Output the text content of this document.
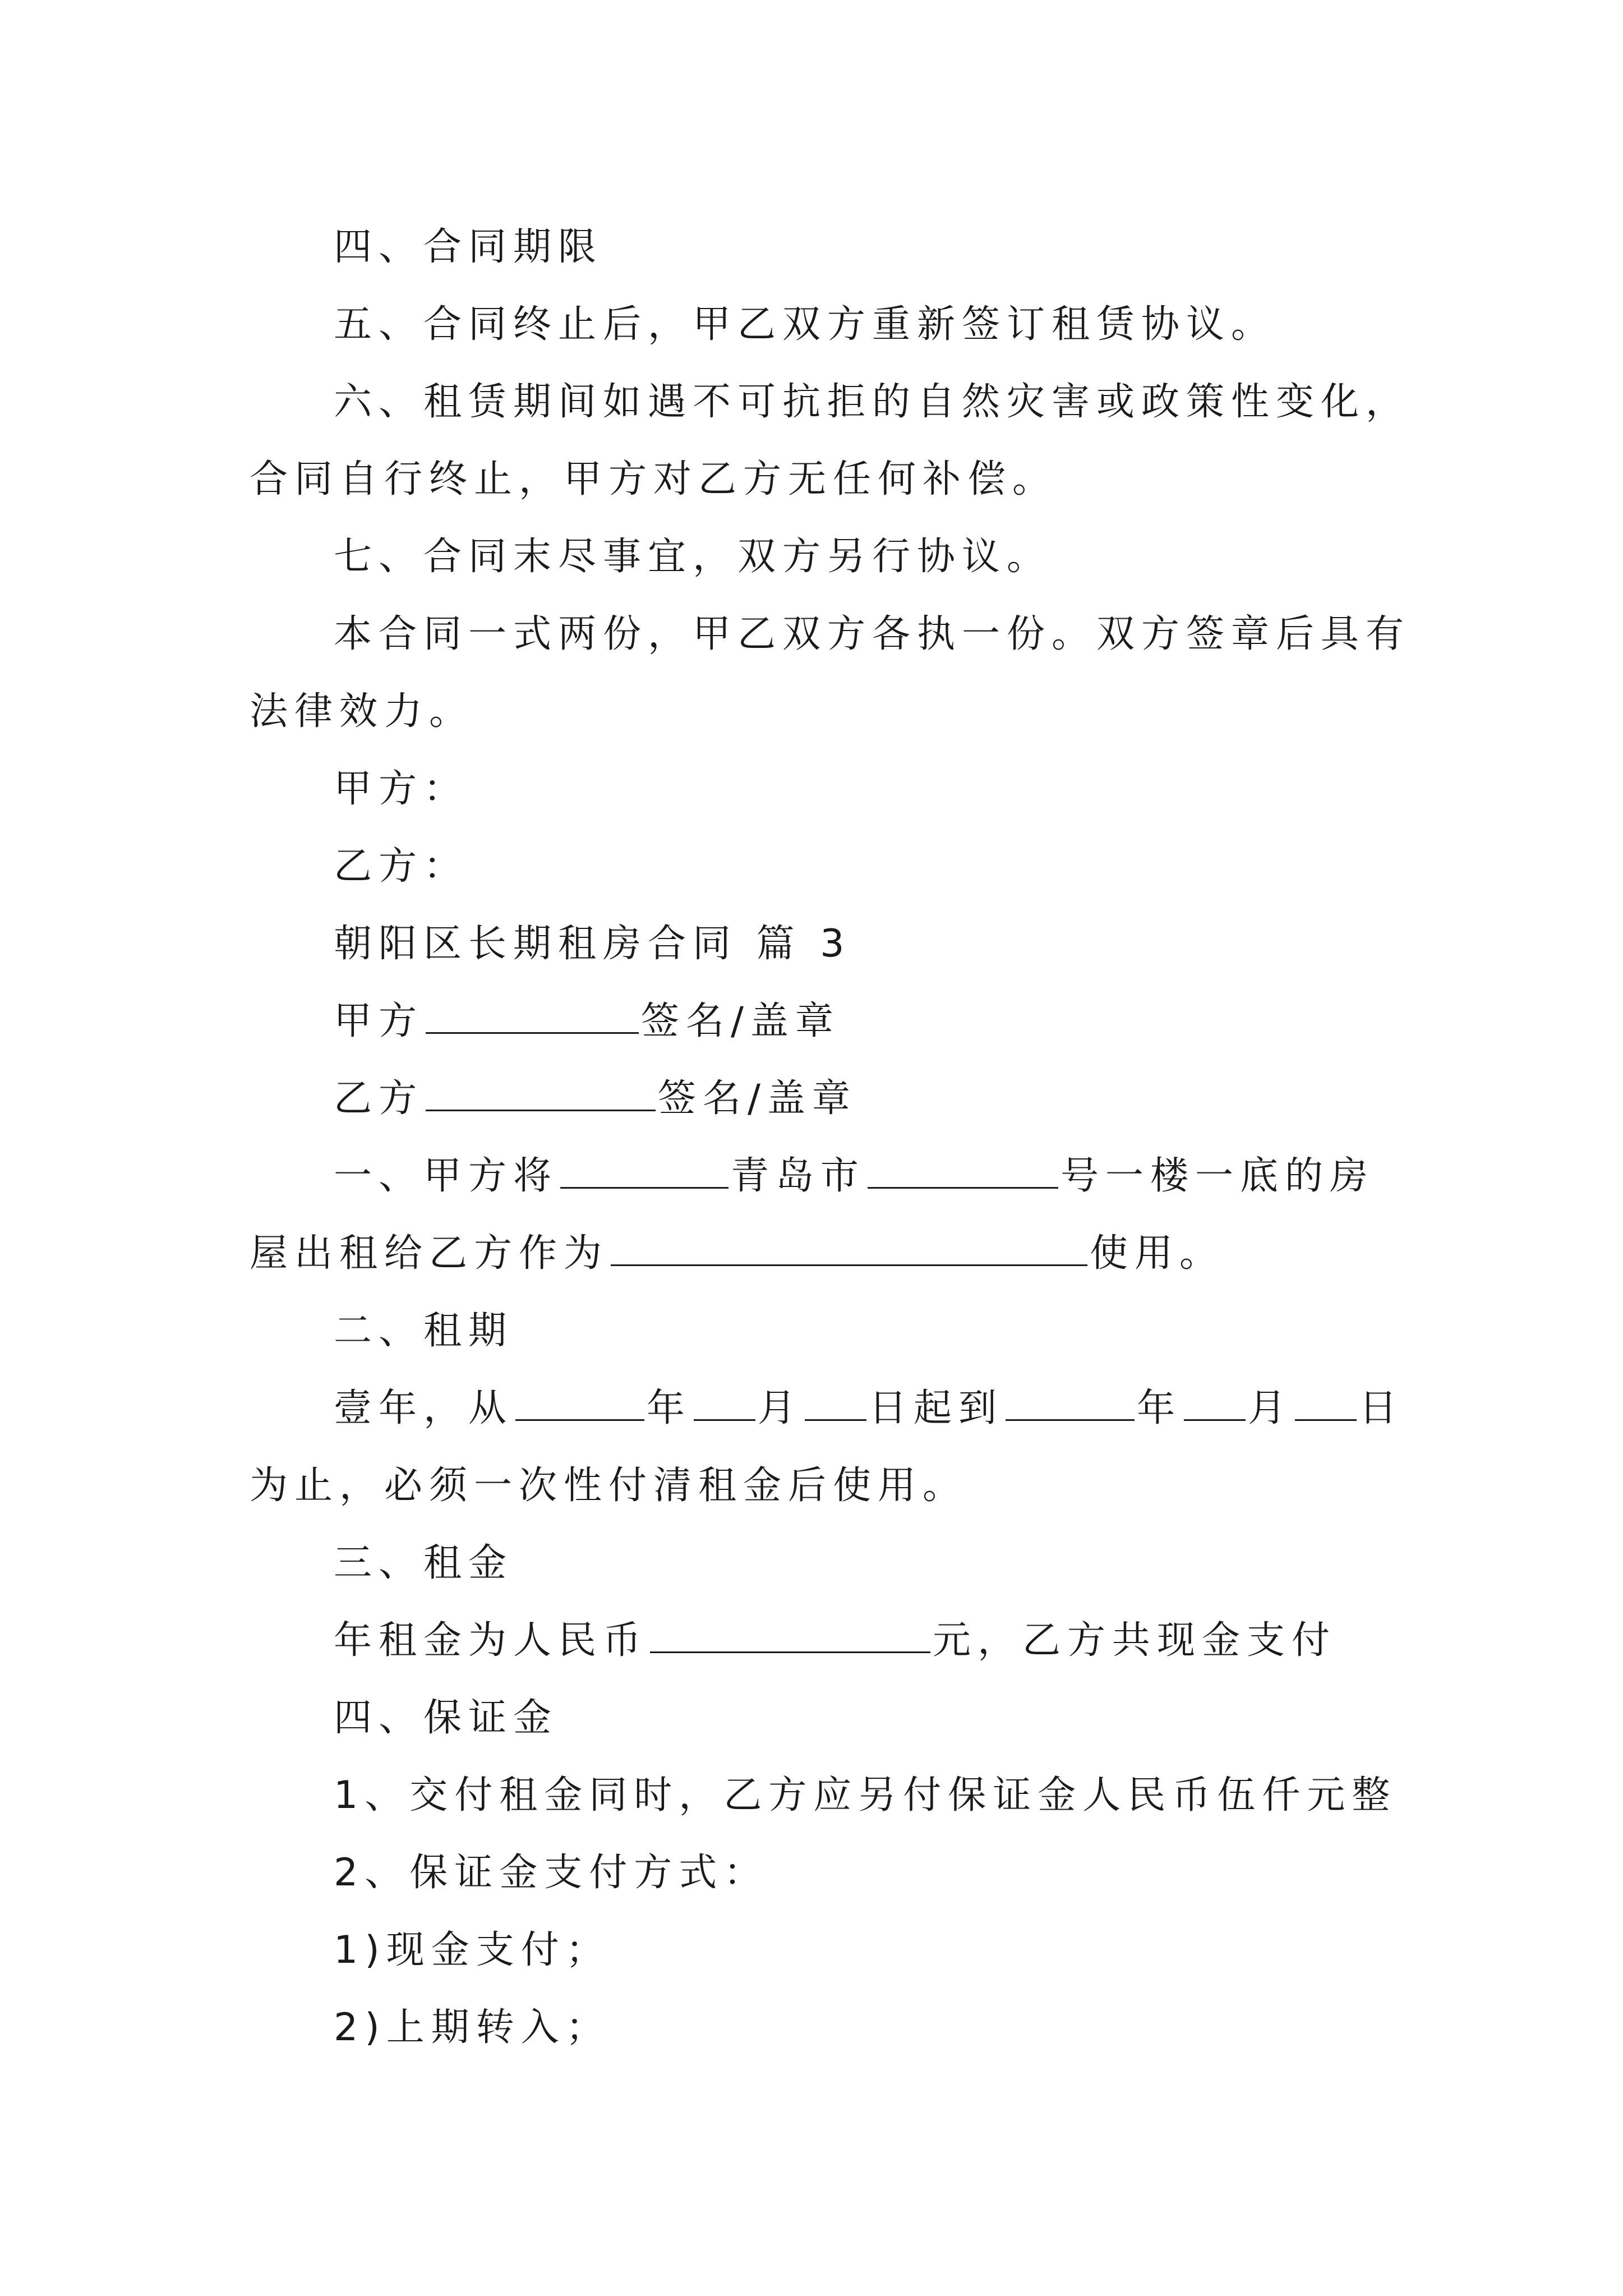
四、合同期限

五、合同终止后，甲乙双方重新签订租赁协议。

六、租赁期间如遇不可抗拒的自然灾害或政策性变化，

合同自行终止，甲方对乙方无任何补偿。

七、合同末尽事宜，双方另行协议。

本合同一式两份，甲乙双方各执一份。双方签章后具有

法律效力。

甲方：

乙方：

朝阳区长期租房合同 篇 3

甲方	签名/盖章

乙方	签名/盖章

一、甲方将	青岛市	号一楼一底的房

屋出租给乙方作为	使用。

二、租期

壹年，从	年 月 日起到	年 月 日

为止，必须一次性付清租金后使用。

三、租金

年租金为人民币	元，乙方共现金支付

四、保证金

1、交付租金同时，乙方应另付保证金人民币伍仟元整

2、保证金支付方式：

1)现金支付；

2)上期转入；
